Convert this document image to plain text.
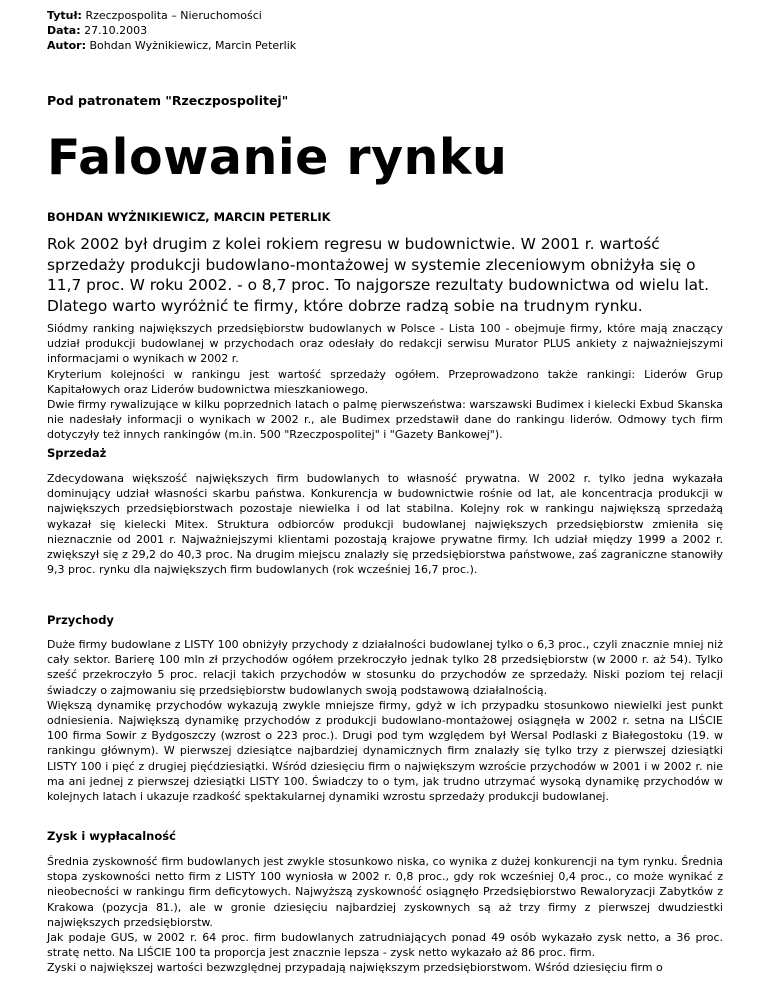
Tytuł: Rzeczpospolita – Nieruchomości
Data: 27.10.2003
Autor: Bohdan Wyżnikiewicz, Marcin Peterlik
Pod patronatem "Rzeczpospolitej"
Falowanie rynku
BOHDAN WYŻNIKIEWICZ, MARCIN PETERLIK
Rok 2002 był drugim z kolei rokiem regresu w budownictwie. W 2001 r. wartość sprzedaży produkcji budowlano-montażowej w systemie zleceniowym obniżyła się o 11,7 proc. W roku 2002. - o 8,7 proc. To najgorsze rezultaty budownictwa od wielu lat. Dlatego warto wyróżnić te firmy, które dobrze radzą sobie na trudnym rynku.

Siódmy ranking największych przedsiębiorstw budowlanych w Polsce - Lista 100 - obejmuje firmy, które mają znaczący udział produkcji budowlanej w przychodach oraz odesłały do redakcji serwisu Murator PLUS ankiety z najważniejszymi informacjami o wynikach w 2002 r.

Kryterium kolejności w rankingu jest wartość sprzedaży ogółem. Przeprowadzono także rankingi: Liderów Grup Kapitałowych oraz Liderów budownictwa mieszkaniowego.

Dwie firmy rywalizujące w kilku poprzednich latach o palmę pierwszeństwa: warszawski Budimex i kielecki Exbud Skanska nie nadesłały informacji o wynikach w 2002 r., ale Budimex przedstawił dane do rankingu liderów. Odmowy tych firm dotyczyły też innych rankingów (m.in. 500 "Rzeczpospolitej" i "Gazety Bankowej").

Sprzedaż

Zdecydowana większość największych firm budowlanych to własność prywatna. W 2002 r. tylko jedna wykazała dominujący udział własności skarbu państwa. Konkurencja w budownictwie rośnie od lat, ale koncentracja produkcji w największych przedsiębiorstwach pozostaje niewielka i od lat stabilna. Kolejny rok w rankingu największą sprzedażą wykazał się kielecki Mitex. Struktura odbiorców produkcji budowlanej największych przedsiębiorstw zmieniła się nieznacznie od 2001 r. Najważniejszymi klientami pozostają krajowe prywatne firmy. Ich udział między 1999 a 2002 r. zwiększył się z 29,2 do 40,3 proc. Na drugim miejscu znalazły się przedsiębiorstwa państwowe, zaś zagraniczne stanowiły 9,3 proc. rynku dla największych firm budowlanych (rok wcześniej 16,7 proc.).

Przychody

Duże firmy budowlane z LISTY 100 obniżyły przychody z działalności budowlanej tylko o 6,3 proc., czyli znacznie mniej niż cały sektor. Barierę 100 mln zł przychodów ogółem przekroczyło jednak tylko 28 przedsiębiorstw (w 2000 r. aż 54). Tylko sześć przekroczyło 5 proc. relacji takich przychodów w stosunku do przychodów ze sprzedaży. Niski poziom tej relacji świadczy o zajmowaniu się przedsiębiorstw budowlanych swoją podstawową działalnością.

Większą dynamikę przychodów wykazują zwykle mniejsze firmy, gdyż w ich przypadku stosunkowo niewielki jest punkt odniesienia. Największą dynamikę przychodów z produkcji budowlano-montażowej osiągnęła w 2002 r. setna na LIŚCIE 100 firma Sowir z Bydgoszczy (wzrost o 223 proc.). Drugi pod tym względem był Wersal Podlaski z Białegostoku (19. w rankingu głównym). W pierwszej dziesiątce najbardziej dynamicznych firm znalazły się tylko trzy z pierwszej dziesiątki LISTY 100 i pięć z drugiej pięćdziesiątki. Wśród dziesięciu firm o największym wzroście przychodów w 2001 i w 2002 r. nie ma ani jednej z pierwszej dziesiątki LISTY 100. Świadczy to o tym, jak trudno utrzymać wysoką dynamikę przychodów w kolejnych latach i ukazuje rzadkość spektakularnej dynamiki wzrostu sprzedaży produkcji budowlanej.

Zysk i wypłacalność

Średnia zyskowność firm budowlanych jest zwykle stosunkowo niska, co wynika z dużej konkurencji na tym rynku. Średnia stopa zyskowności netto firm z LISTY 100 wyniosła w 2002 r. 0,8 proc., gdy rok wcześniej 0,4 proc., co może wynikać z nieobecności w rankingu firm deficytowych. Najwyższą zyskowność osiągnęło Przedsiębiorstwo Rewaloryzacji Zabytków z Krakowa (pozycja 81.), ale w gronie dziesięciu najbardziej zyskownych są aż trzy firmy z pierwszej dwudziestki największych przedsiębiorstw.

Jak podaje GUS, w 2002 r. 64 proc. firm budowlanych zatrudniających ponad 49 osób wykazało zysk netto, a 36 proc. stratę netto. Na LIŚCIE 100 ta proporcja jest znacznie lepsza - zysk netto wykazało aż 86 proc. firm.

Zyski o największej wartości bezwzględnej przypadają największym przedsiębiorstwom. Wśród dziesięciu firm o
